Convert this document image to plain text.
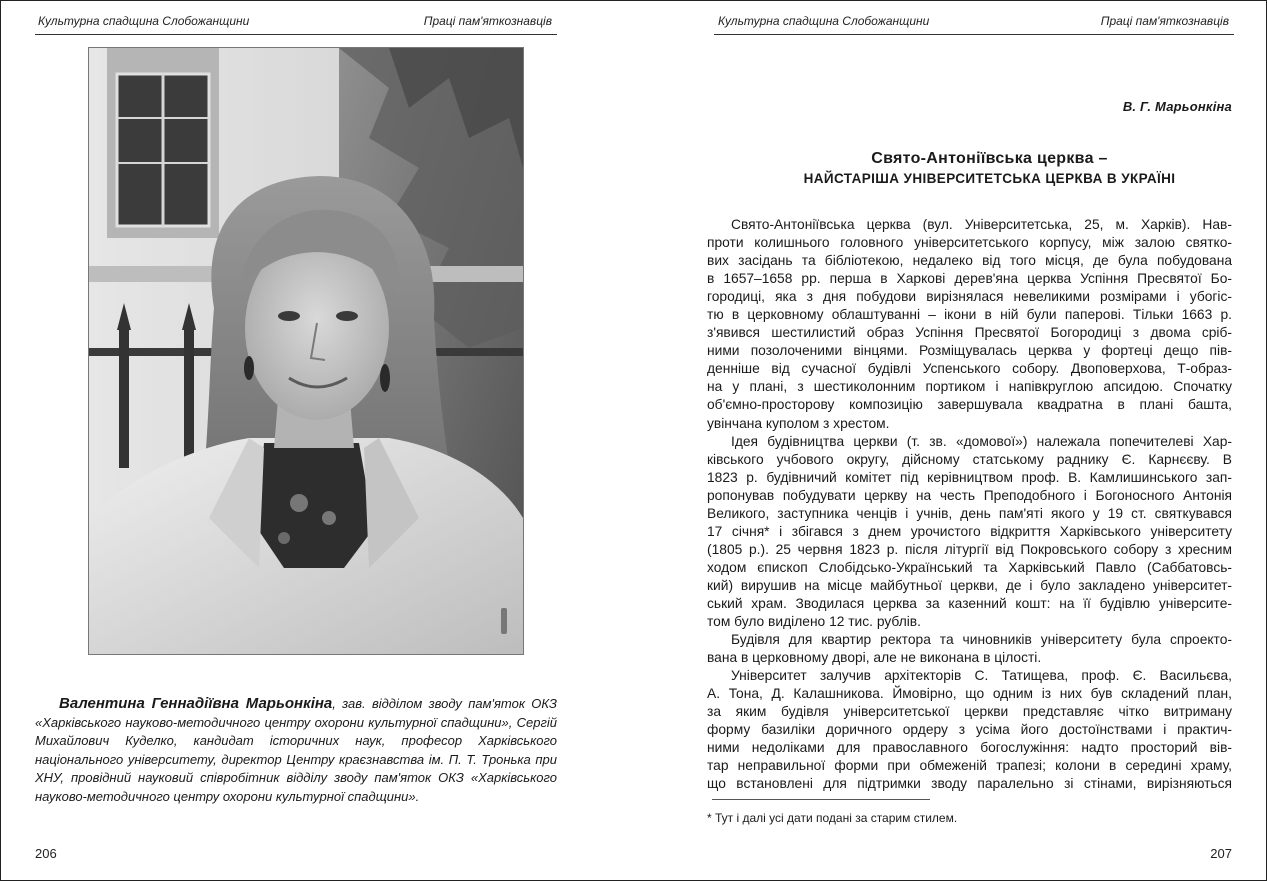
Культурна спадщина Слобожанщини	Праці пам'яткознавців

Валентина Геннадіївна Марьонкіна, зав. відділом зводу пам'яток ОКЗ «Харківського науково-методичного центру охорони культурної спадщини», Сергій Михайлович Куделко, кандидат історичних наук, професор Харківського національного університету, директор Центру краєзнавства ім. П. Т. Тронька при ХНУ, провідний науковий співробітник відділу зводу пам'яток ОКЗ «Харківського науково-методичного центру охорони культурної спадщини».

206
Культурна спадщина Слобожанщини	Праці пам'яткознавців
В. Г. Марьонкіна
Свято-Антоніївська церква –
НАЙСТАРІША УНІВЕРСИТЕТСЬКА ЦЕРКВА В УКРАЇНІ
Свято-Антоніївська церква (вул. Університетська, 25, м. Харків). Нав-
проти колишнього головного університетського корпусу, між залою святко-
вих засідань та бібліотекою, недалеко від того місця, де була побудована
в 1657–1658 рр. перша в Харкові дерев'яна церква Успіння Пресвятої Бо-
городиці, яка з дня побудови вирізнялася невеликими розмірами і убогіс-
тю в церковному облаштуванні – ікони в ній були паперові. Тільки 1663 р.
з'явився шестилистий образ Успіння Пресвятої Богородиці з двома срiб-
ними позолоченими вінцями. Розміщувалась церква у фортеці дещо пів-
денніше від сучасної будівлі Успенського собору. Двоповерхова, Т-образ-
на у плані, з шестиколонним портиком і напівкруглою апсидою. Спочатку
об'ємно-просторову композицію завершувала квадратна в плані башта,
увінчана куполом з хрестом.
Ідея будівництва церкви (т. зв. «домової») належала попечителеві Хар-
ківського учбового округу, дійсному статському раднику Є. Карнєєву. В
1823 р. будівничий комітет під керівництвом проф. В. Камлишинського зап-
ропонував побудувати церкву на честь Преподобного і Богоносного Антонія
Великого, заступника ченців і учнів, день пам'яті якого у 19 ст. святкувався
17 січня* і збігався з днем урочистого відкриття Харківського університету
(1805 р.). 25 червня 1823 р. після літургії від Покровського собору з хресним
ходом єпископ Слобідсько-Український та Харківський Павло (Саббатовсь-
кий) вирушив на місце майбутньої церкви, де і було закладено університет-
ський храм. Зводилася церква за казенний кошт: на її будівлю університе-
том було виділено 12 тис. рублів.
Будівля для квартир ректора та чиновників університету була спроекто-
вана в церковному дворі, але не виконана в цілості.
Університет залучив архітекторів С. Татищева, проф. Є. Васильєва,
А. Тона, Д. Калашникова. Ймовірно, що одним із них був складений план,
за яким будівля університетської церкви представляє чітко витриману
форму базиліки доричного ордеру з усіма його достоїнствами і практич-
ними недоліками для православного богослужіння: надто просторий вів-
тар неправильної форми при обмеженій трапезі; колони в середині храму,
що встановлені для підтримки зводу паралельно зі стінами, вирізняються
* Тут і далі усі дати подані за старим стилем.
207
